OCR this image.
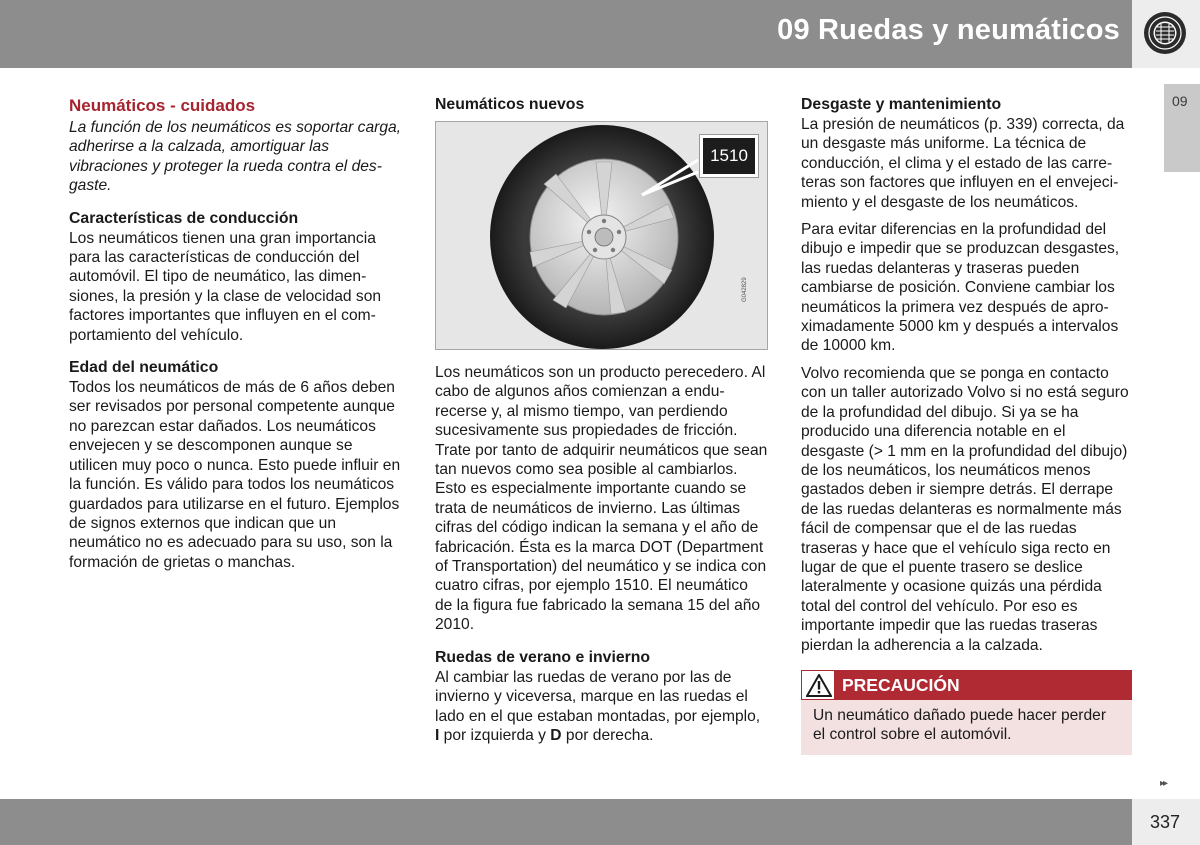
09 Ruedas y neumáticos
09
Neumáticos - cuidados

La función de los neumáticos es soportar carga, adherirse a la calzada, amortiguar las vibraciones y proteger la rueda contra el desgaste.

Características de conducción

Los neumáticos tienen una gran importancia para las características de conducción del automóvil. El tipo de neumático, las dimensiones, la presión y la clase de velocidad son factores importantes que influyen en el comportamiento del vehículo.

Edad del neumático

Todos los neumáticos de más de 6 años deben ser revisados por personal competente aunque no parezcan estar dañados. Los neumáticos envejecen y se descomponen aunque se utilicen muy poco o nunca. Esto puede influir en la función. Es válido para todos los neumáticos guardados para utilizarse en el futuro. Ejemplos de signos externos que indican que un neumático no es adecuado para su uso, son la formación de grietas o manchas.

Neumáticos nuevos
1510
G042829

Los neumáticos son un producto perecedero. Al cabo de algunos años comienzan a endurecerse y, al mismo tiempo, van perdiendo sucesivamente sus propiedades de fricción. Trate por tanto de adquirir neumáticos que sean tan nuevos como sea posible al cambiarlos. Esto es especialmente importante cuando se trata de neumáticos de invierno. Las últimas cifras del código indican la semana y el año de fabricación. Ésta es la marca DOT (Department of Transportation) del neumático y se indica con cuatro cifras, por ejemplo 1510. El neumático de la figura fue fabricado la semana 15 del año 2010.

Ruedas de verano e invierno

Al cambiar las ruedas de verano por las de invierno y viceversa, marque en las ruedas el lado en el que estaban montadas, por ejemplo, I por izquierda y D por derecha.

Desgaste y mantenimiento

La presión de neumáticos (p. 339) correcta, da un desgaste más uniforme. La técnica de conducción, el clima y el estado de las carreteras son factores que influyen en el envejecimiento y el desgaste de los neumáticos.

Para evitar diferencias en la profundidad del dibujo e impedir que se produzcan desgastes, las ruedas delanteras y traseras pueden cambiarse de posición. Conviene cambiar los neumáticos la primera vez después de aproximadamente 5000 km y después a intervalos de 10000 km.

Volvo recomienda que se ponga en contacto con un taller autorizado Volvo si no está seguro de la profundidad del dibujo. Si ya se ha producido una diferencia notable en el desgaste (> 1 mm en la profundidad del dibujo) de los neumáticos, los neumáticos menos gastados deben ir siempre detrás. El derrape de las ruedas delanteras es normalmente más fácil de compensar que el de las ruedas traseras y hace que el vehículo siga recto en lugar de que el puente trasero se deslice lateralmente y ocasione quizás una pérdida total del control del vehículo. Por eso es importante impedir que las ruedas traseras pierdan la adherencia a la calzada.

PRECAUCIÓN
Un neumático dañado puede hacer perder el control sobre el automóvil.
▸▸
337
